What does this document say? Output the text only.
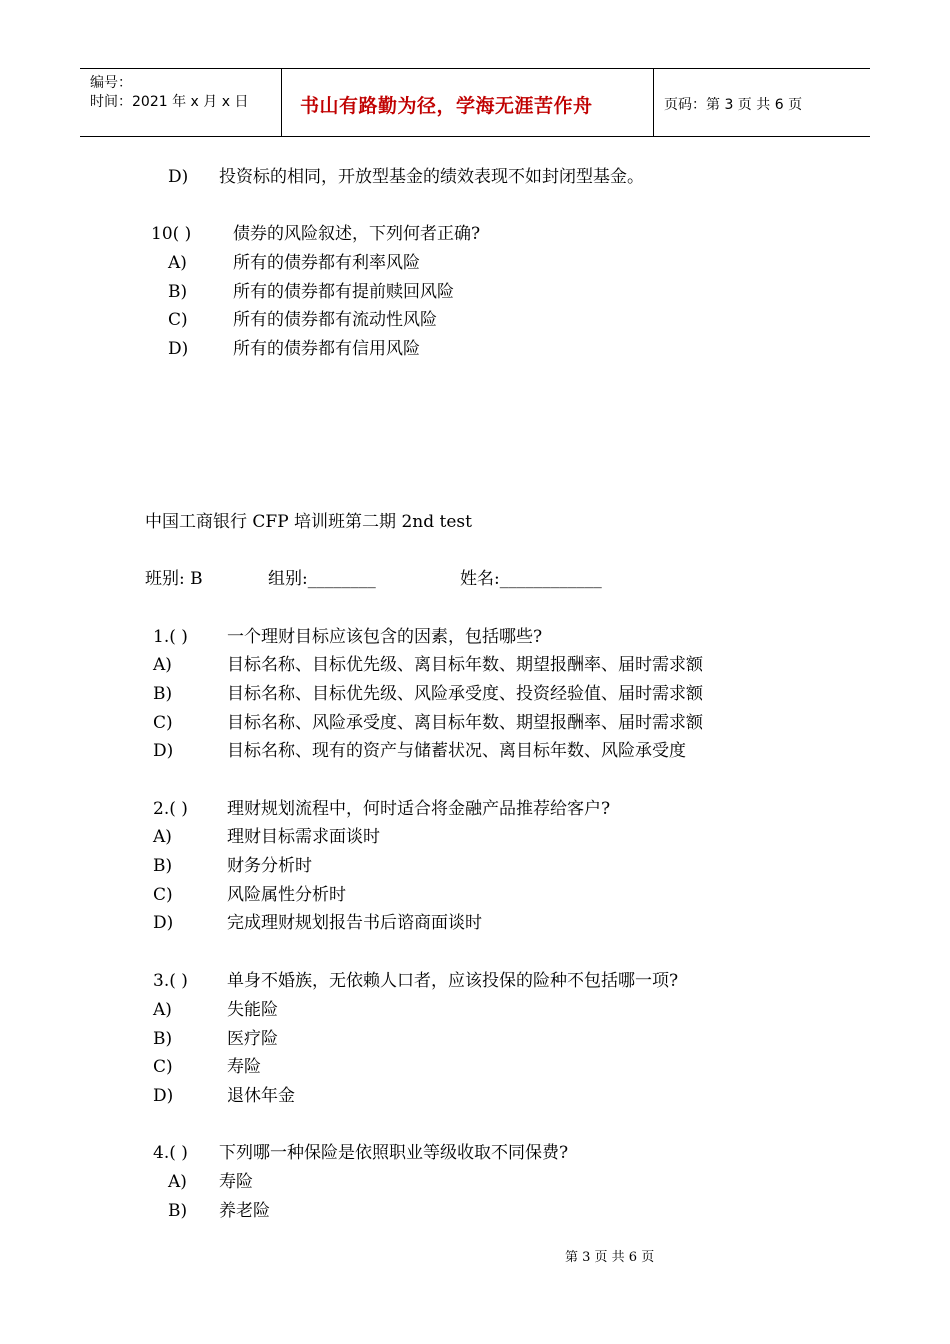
编号：
时间：2021 年 x 月 x 日	书山有路勤为径，学海无涯苦作舟	页码：第 3 页 共 6 页
D) 投资标的相同，开放型基金的绩效表现不如封闭型基金。
10( ) 债券的风险叙述，下列何者正确?
A)	所有的债券都有利率风险
B)	所有的债券都有提前赎回风险
C)	所有的债券都有流动性风险
D)	所有的债券都有信用风险
中国工商银行 CFP 培训班第二期 2nd test
班别: B	组别:________	姓名:____________
1.( ) 一个理财目标应该包含的因素，包括哪些?
A)	目标名称、目标优先级、离目标年数、期望报酬率、届时需求额
B)	目标名称、目标优先级、风险承受度、投资经验值、届时需求额
C)	目标名称、风险承受度、离目标年数、期望报酬率、届时需求额
D)	目标名称、现有的资产与储蓄状况、离目标年数、风险承受度
2.( ) 理财规划流程中，何时适合将金融产品推荐给客户?
A)	理财目标需求面谈时
B)	财务分析时
C)	风险属性分析时
D)	完成理财规划报告书后谘商面谈时
3.( ) 单身不婚族，无依赖人口者，应该投保的险种不包括哪一项?
A)	失能险
B)	医疗险
C)	寿险
D)	退休年金
4.( ) 下列哪一种保险是依照职业等级收取不同保费?
A) 寿险
B) 养老险
第 3 页 共 6 页
